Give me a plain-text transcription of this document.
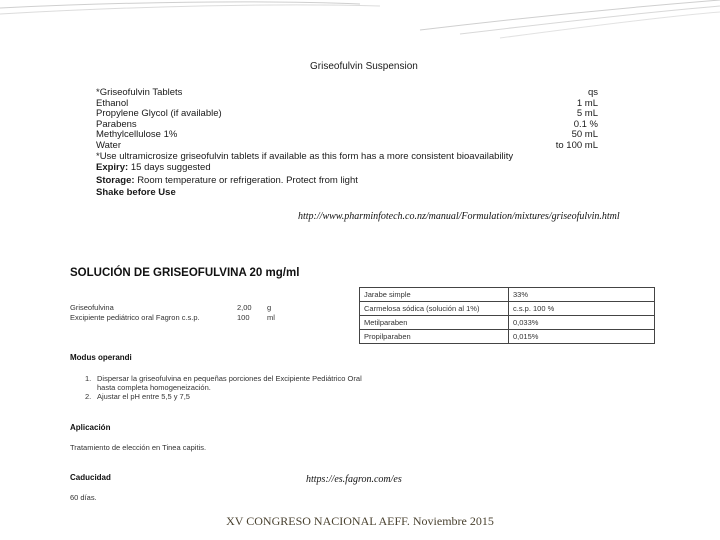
Griseofulvin Suspension
*Griseofulvin Tablets	qs
Ethanol	1 mL
Propylene Glycol (if available)	5 mL
Parabens	0.1 %
Methylcellulose 1%	50 mL
Water	to 100 mL
*Use ultramicrosize griseofulvin tablets if available as this form has a more consistent bioavailability
Expiry: 15 days suggested
Storage: Room temperature or refrigeration. Protect from light
Shake before Use
http://www.pharminfotech.co.nz/manual/Formulation/mixtures/griseofulvin.html
SOLUCIÓN DE GRISEOFULVINA 20 mg/ml
Griseofulvina	2,00 g
Excipiente pediátrico oral Fagron c.s.p.	100 ml
Jarabe simple	33%
Carmelosa sódica (solución al 1%)	c.s.p. 100 %
Metilparaben	0,033%
Propilparaben	0,015%
Modus operandi
1. Dispersar la griseofulvina en pequeñas porciones del Excipiente Pediátrico Oral
hasta completa homogeneización.
2. Ajustar el pH entre 5,5 y 7,5
Aplicación
Tratamiento de elección en Tinea capitis.
Caducidad
60 días.
https://es.fagron.com/es
XV CONGRESO NACIONAL AEFF. Noviembre 2015
